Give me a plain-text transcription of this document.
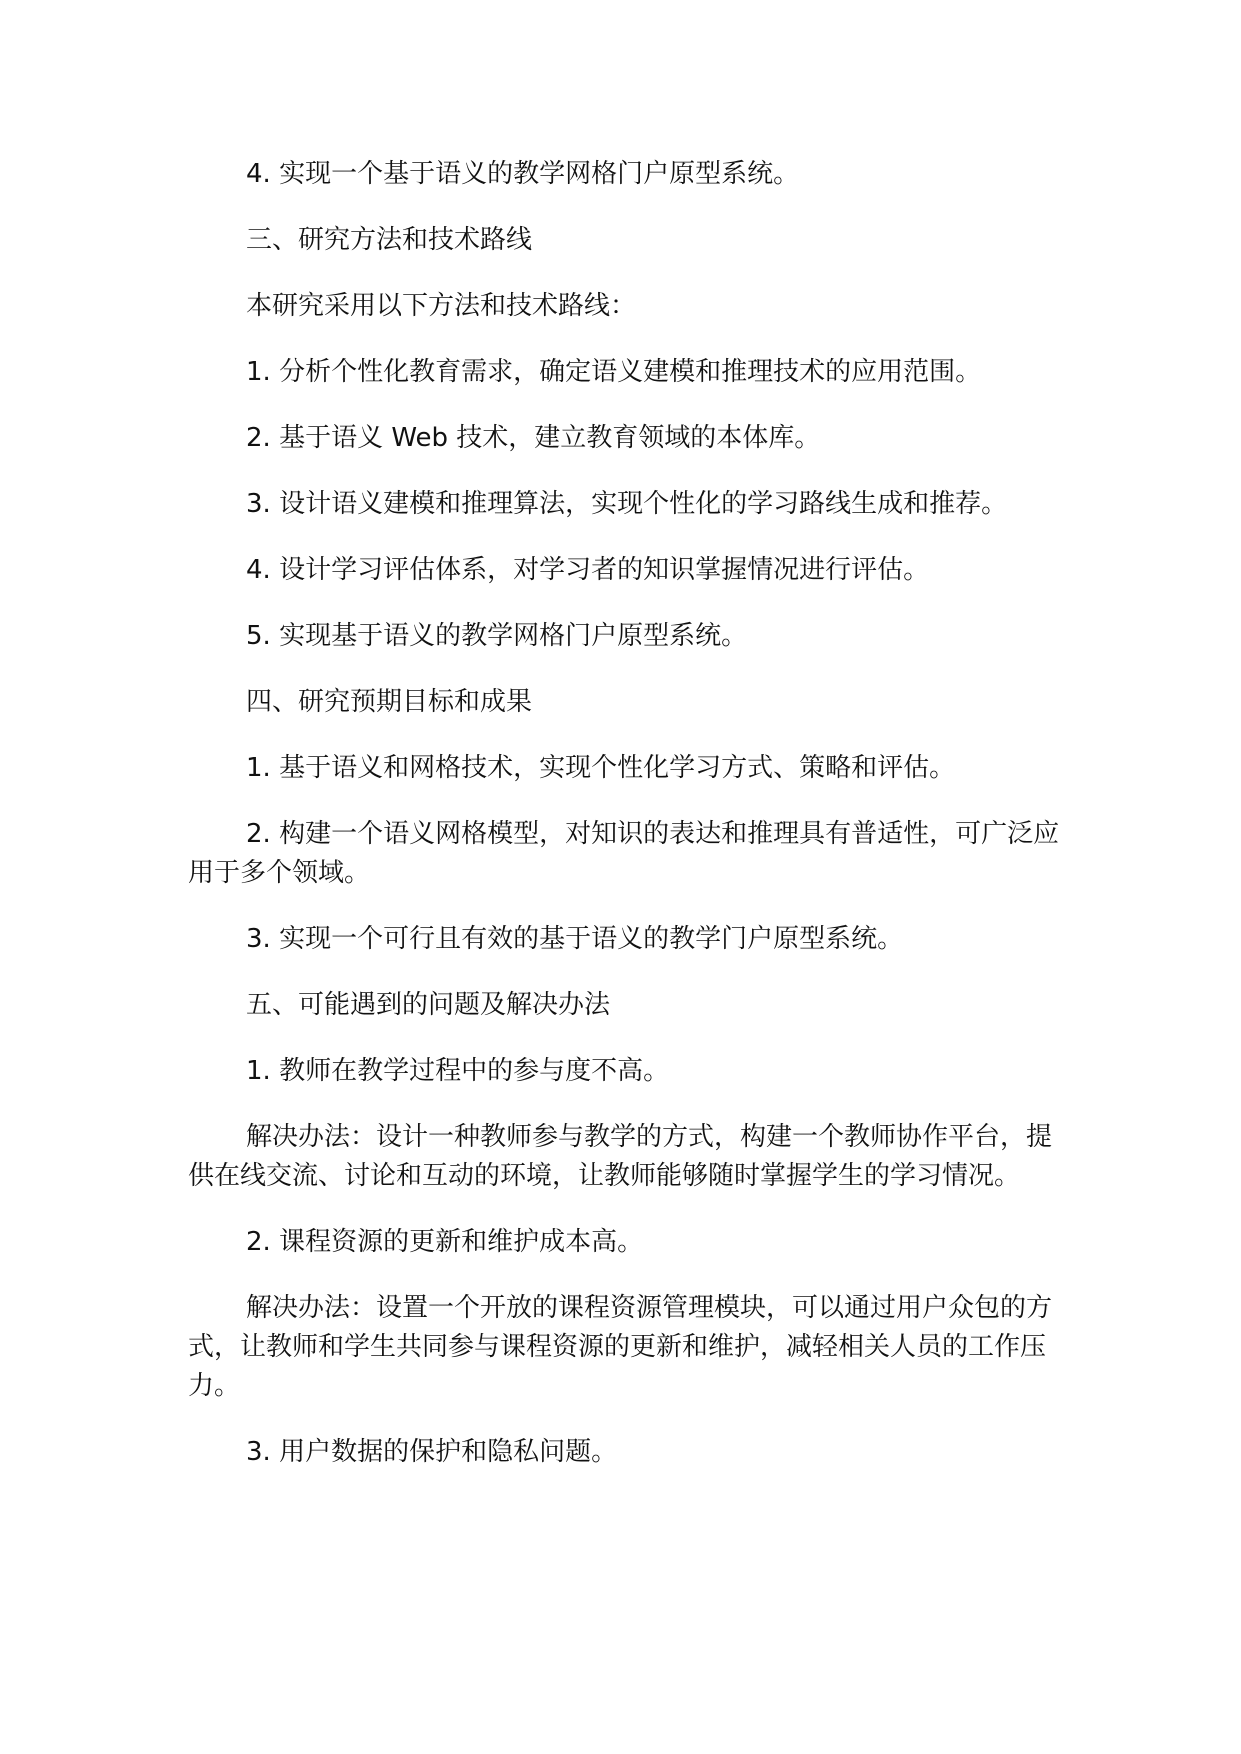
4. 实现一个基于语义的教学网格门户原型系统。

三、研究方法和技术路线

本研究采用以下方法和技术路线：

1. 分析个性化教育需求，确定语义建模和推理技术的应用范围。

2. 基于语义 Web 技术，建立教育领域的本体库。

3. 设计语义建模和推理算法，实现个性化的学习路线生成和推荐。

4. 设计学习评估体系，对学习者的知识掌握情况进行评估。

5. 实现基于语义的教学网格门户原型系统。

四、研究预期目标和成果

1. 基于语义和网格技术，实现个性化学习方式、策略和评估。

2. 构建一个语义网格模型，对知识的表达和推理具有普适性，可广泛应用于多个领域。

3. 实现一个可行且有效的基于语义的教学门户原型系统。

五、可能遇到的问题及解决办法

1. 教师在教学过程中的参与度不高。

解决办法：设计一种教师参与教学的方式，构建一个教师协作平台，提供在线交流、讨论和互动的环境，让教师能够随时掌握学生的学习情况。

2. 课程资源的更新和维护成本高。

解决办法：设置一个开放的课程资源管理模块，可以通过用户众包的方式，让教师和学生共同参与课程资源的更新和维护，减轻相关人员的工作压力。

3. 用户数据的保护和隐私问题。
